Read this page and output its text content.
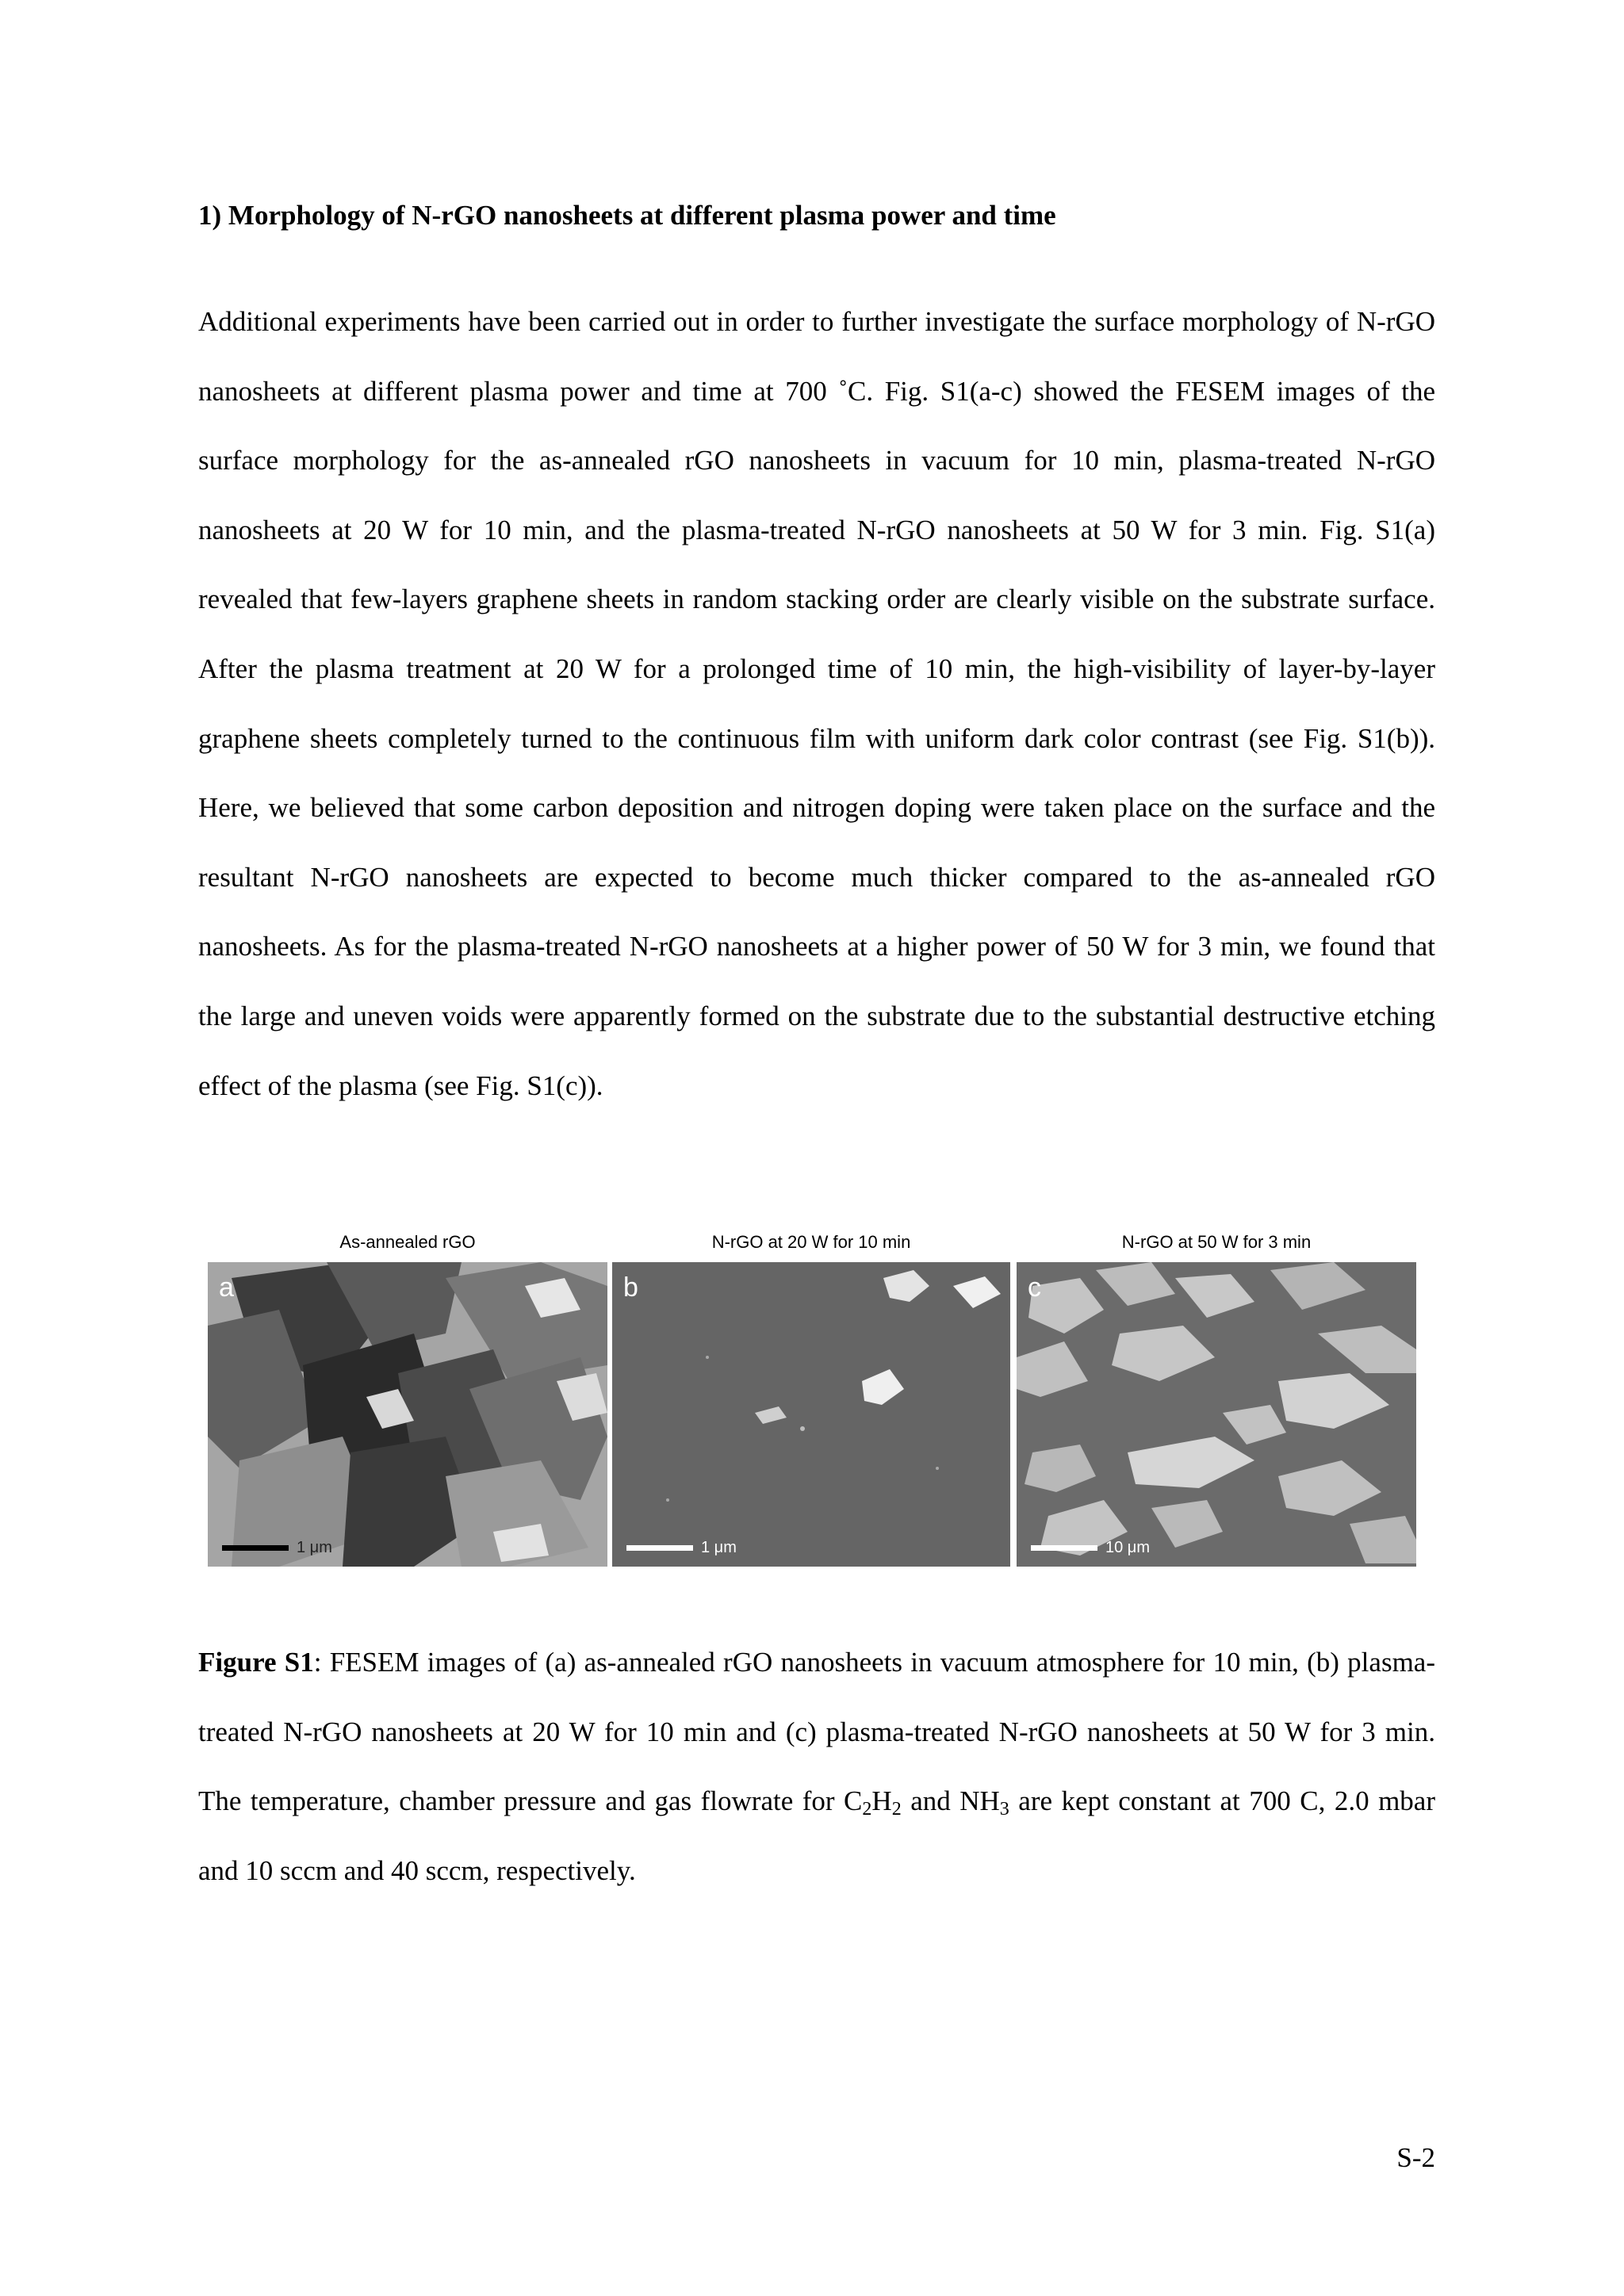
1) Morphology of N-rGO nanosheets at different plasma power and time

Additional experiments have been carried out in order to further investigate the surface morphology of N-rGO nanosheets at different plasma power and time at 700 ˚C. Fig. S1(a-c) showed the FESEM images of the surface morphology for the as-annealed rGO nanosheets in vacuum for 10 min, plasma-treated N-rGO nanosheets at 20 W for 10 min, and the plasma-treated N-rGO nanosheets at 50 W for 3 min. Fig. S1(a) revealed that few-layers graphene sheets in random stacking order are clearly visible on the substrate surface. After the plasma treatment at 20 W for a prolonged time of 10 min, the high-visibility of layer-by-layer graphene sheets completely turned to the continuous film with uniform dark color contrast (see Fig. S1(b)). Here, we believed that some carbon deposition and nitrogen doping were taken place on the surface and the resultant N-rGO nanosheets are expected to become much thicker compared to the as-annealed rGO nanosheets. As for the plasma-treated N-rGO nanosheets at a higher power of 50 W for 3 min, we found that the large and uneven voids were apparently formed on the substrate due to the substantial destructive etching effect of the plasma (see Fig. S1(c)).

As-annealed rGO
a
1 μm
N-rGO at 20 W for 10 min
b
1 μm
N-rGO at 50 W for 3 min
c
10 μm

Figure S1: FESEM images of (a) as-annealed rGO nanosheets in vacuum atmosphere for 10 min, (b) plasma-treated N-rGO nanosheets at 20 W for 10 min and (c) plasma-treated N-rGO nanosheets at 50 W for 3 min. The temperature, chamber pressure and gas flowrate for $C_2H_2$ and $NH_3$ are kept constant at 700 C, 2.0 mbar and 10 sccm and 40 sccm, respectively.

S-2
